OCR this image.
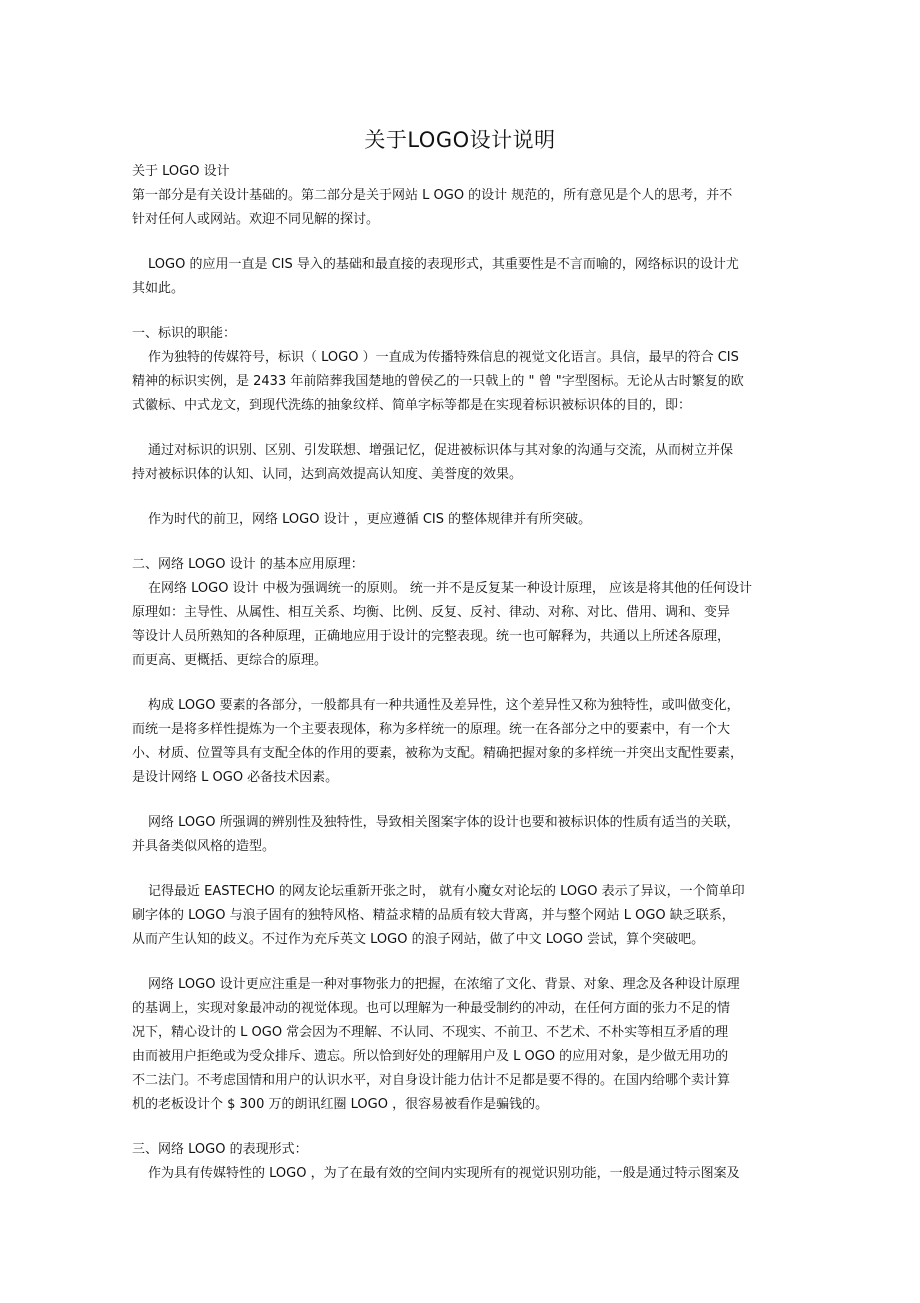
关于LOGO设计说明
关于 LOGO 设计
第一部分是有关设计基础的。第二部分是关于网站 L OGO 的设计 规范的，所有意见是个人的思考，并不
针对任何人或网站。欢迎不同见解的探讨。
LOGO 的应用一直是 CIS 导入的基础和最直接的表现形式，其重要性是不言而喻的，网络标识的设计尤
其如此。
一、标识的职能：
作为独特的传媒符号，标识（ LOGO ）一直成为传播特殊信息的视觉文化语言。具信，最早的符合 CIS
精神的标识实例，是 2433 年前陪葬我国楚地的曾侯乙的一只戟上的 " 曾 "字型图标。无论从古时繁复的欧
式徽标、中式龙文，到现代洗练的抽象纹样、简单字标等都是在实现着标识被标识体的目的，即：
通过对标识的识别、区别、引发联想、增强记忆，促进被标识体与其对象的沟通与交流，从而树立并保
持对被标识体的认知、认同，达到高效提高认知度、美誉度的效果。
作为时代的前卫，网络 LOGO 设计 ，更应遵循 CIS 的整体规律并有所突破。
二、网络 LOGO 设计 的基本应用原理：
在网络 LOGO 设计 中极为强调统一的原则。 统一并不是反复某一种设计原理， 应该是将其他的任何设计
原理如：主导性、从属性、相互关系、均衡、比例、反复、反衬、律动、对称、对比、借用、调和、变异
等设计人员所熟知的各种原理，正确地应用于设计的完整表现。统一也可解释为，共通以上所述各原理，
而更高、更概括、更综合的原理。
构成 LOGO 要素的各部分，一般都具有一种共通性及差异性，这个差异性又称为独特性，或叫做变化，
而统一是将多样性提炼为一个主要表现体，称为多样统一的原理。统一在各部分之中的要素中，有一个大
小、材质、位置等具有支配全体的作用的要素，被称为支配。精确把握对象的多样统一并突出支配性要素，
是设计网络 L OGO 必备技术因素。
网络 LOGO 所强调的辨别性及独特性，导致相关图案字体的设计也要和被标识体的性质有适当的关联，
并具备类似风格的造型。
记得最近 EASTECHO 的网友论坛重新开张之时， 就有小魔女对论坛的 LOGO 表示了异议，一个简单印
刷字体的 LOGO 与浪子固有的独特风格、精益求精的品质有较大背离，并与整个网站 L OGO 缺乏联系，
从而产生认知的歧义。不过作为充斥英文 LOGO 的浪子网站，做了中文 LOGO 尝试，算个突破吧。
网络 LOGO 设计更应注重是一种对事物张力的把握，在浓缩了文化、背景、对象、理念及各种设计原理
的基调上，实现对象最冲动的视觉体现。也可以理解为一种最受制约的冲动，在任何方面的张力不足的情
况下，精心设计的 L OGO 常会因为不理解、不认同、不现实、不前卫、不艺术、不朴实等相互矛盾的理
由而被用户拒绝或为受众排斥、遗忘。所以恰到好处的理解用户及 L OGO 的应用对象，是少做无用功的
不二法门。不考虑国情和用户的认识水平，对自身设计能力估计不足都是要不得的。在国内给哪个卖计算
机的老板设计个 $ 300 万的朗讯红圈 LOGO ，很容易被看作是骗钱的。
三、网络 LOGO 的表现形式：
作为具有传媒特性的 LOGO ，为了在最有效的空间内实现所有的视觉识别功能，一般是通过特示图案及
